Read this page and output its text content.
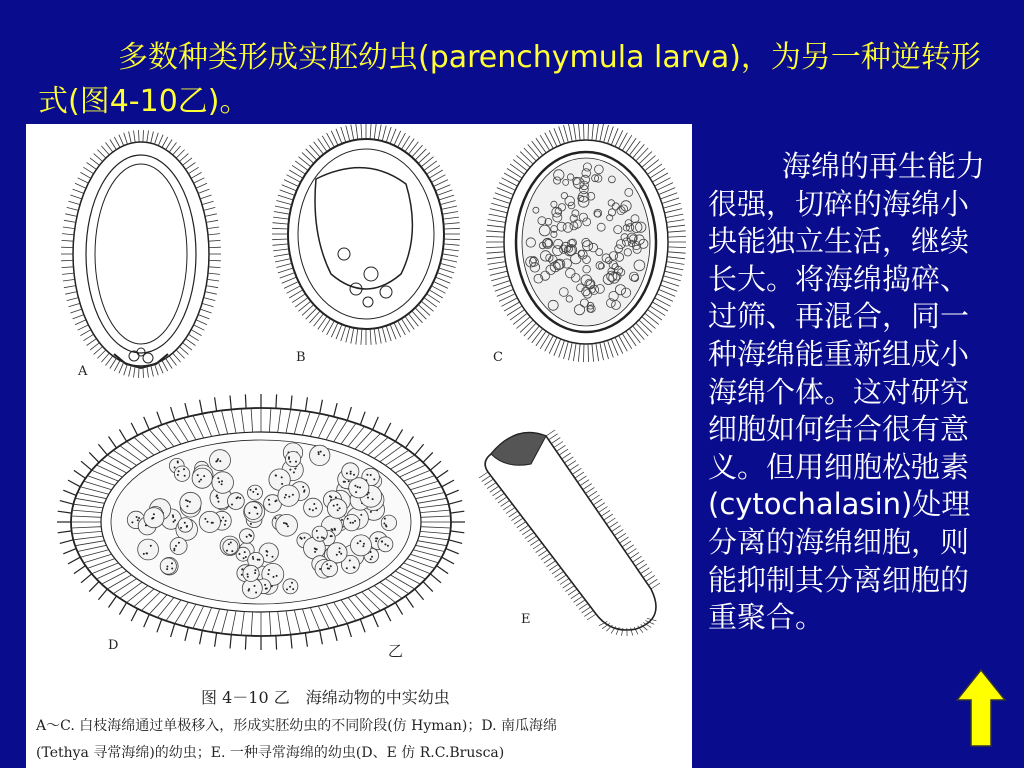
多数种类形成实胚幼虫(parenchymula larva)，为另一种逆转形式(图4-10乙)。
A
B	C
D
E
乙
图 4－10 乙　海绵动物的中实幼虫
A～C. 白枝海绵通过单极移入，形成实胚幼虫的不同阶段(仿 Hyman)；D. 南瓜海绵
(Tethya 寻常海绵)的幼虫；E. 一种寻常海绵的幼虫(D、E 仿 R.C.Brusca)
海绵的再生能力很强，切碎的海绵小块能独立生活，继续长大。将海绵捣碎、过筛、再混合，同一种海绵能重新组成小海绵个体。这对研究细胞如何结合很有意义。但用细胞松弛素(cytochalasin)处理分离的海绵细胞，则能抑制其分离细胞的重聚合。
